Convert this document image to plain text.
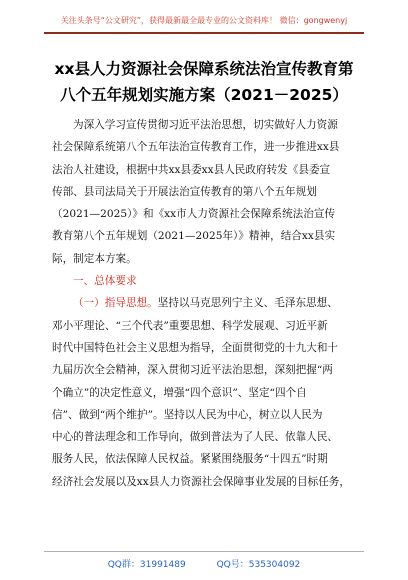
关注头条号“公文研究”，获得最新最全最专业的公文资料库！ 微信：gongwenyj
xx县人力资源社会保障系统法治宣传教育第
八个五年规划实施方案（2021－2025）
为深入学习宣传贯彻习近平法治思想，切实做好人力资源
社会保障系统第八个五年法治宣传教育工作，进一步推进xx县
法治人社建设，根据中共xx县委xx县人民政府转发《县委宣
传部、县司法局关于开展法治宣传教育的第八个五年规划
（2021—2025）》和《xx市人力资源社会保障系统法治宣传
教育第八个五年规划（2021—2025年）》精神，结合xx县实
际，制定本方案。
一、总体要求
（一）指导思想。坚持以马克思列宁主义、毛泽东思想、
邓小平理论、“三个代表”重要思想、科学发展观、习近平新
时代中国特色社会主义思想为指导，全面贯彻党的十九大和十
九届历次全会精神，深入贯彻习近平法治思想，深刻把握“两
个确立”的决定性意义，增强“四个意识”、坚定“四个自
信”、做到“两个维护”。坚持以人民为中心，树立以人民为
中心的普法理念和工作导向，做到普法为了人民、依靠人民、
服务人民，依法保障人民权益。紧紧围绕服务“十四五”时期
经济社会发展以及xx县人力资源社会保障事业发展的目标任务，
QQ群：31991489	QQ号：535304092
